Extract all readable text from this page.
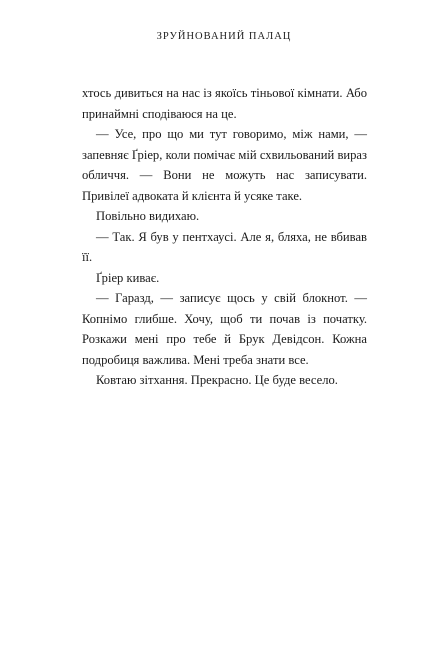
ЗРУЙНОВАНИЙ ПАЛАЦ

хтось дивиться на нас із якоїсь тіньової кімнати. Або принаймні сподіваюся на це.

— Усе, про що ми тут говоримо, між нами, — запевняє Ґріер, коли помічає мій схвильований вираз обличчя. — Вони не можуть нас записувати. Привілеї адвоката й клієнта й усяке таке.

Повільно видихаю.

— Так. Я був у пентхаусі. Але я, бляха, не вбивав її.

Ґріер киває.

— Гаразд, — записує щось у свій блокнот. — Копнімо глибше. Хочу, щоб ти почав із початку. Розкажи мені про тебе й Брук Девідсон. Кожна подробиця важлива. Мені треба знати все.

Ковтаю зітхання. Прекрасно. Це буде весело.
